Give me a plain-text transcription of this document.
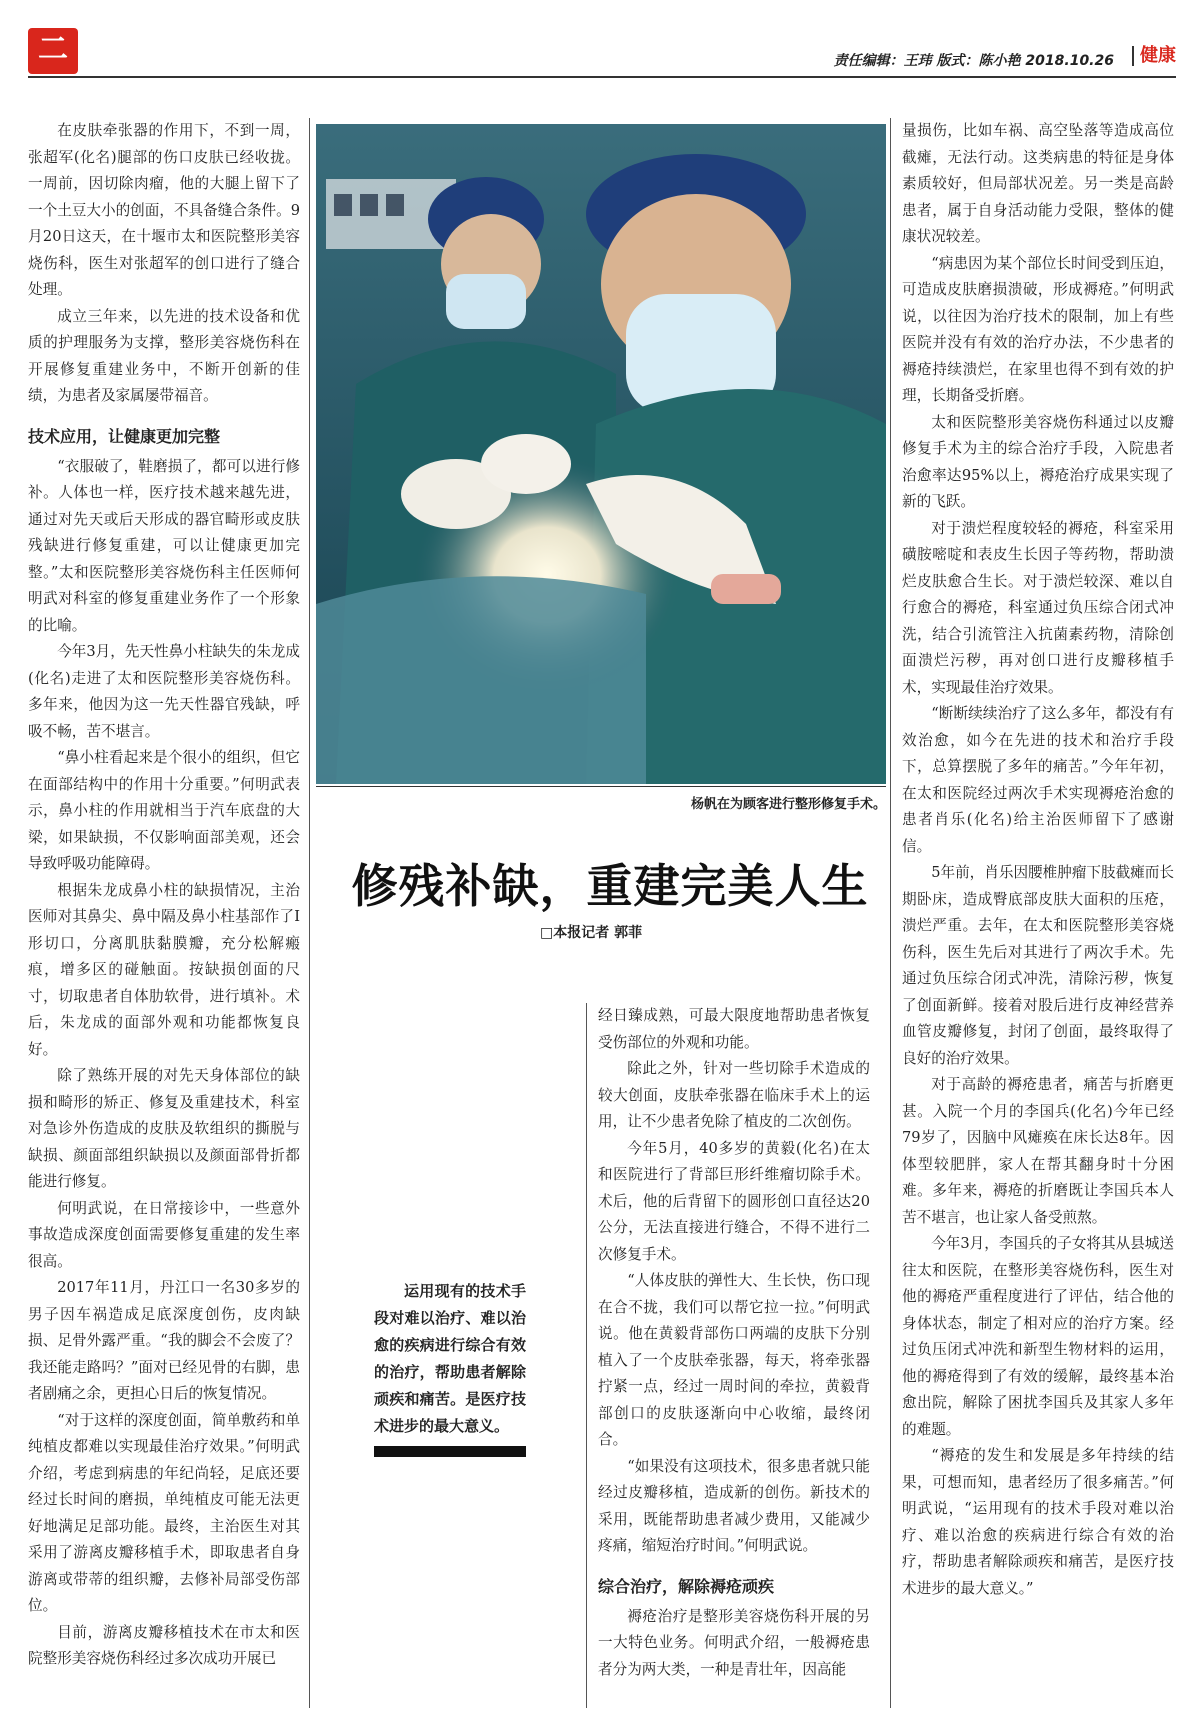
二	责任编辑：王玮 版式：陈小艳 2018.10.26	健康

在皮肤牵张器的作用下，不到一周，张超军(化名)腿部的伤口皮肤已经收拢。一周前，因切除肉瘤，他的大腿上留下了一个土豆大小的创面，不具备缝合条件。9月20日这天，在十堰市太和医院整形美容烧伤科，医生对张超军的创口进行了缝合处理。

成立三年来，以先进的技术设备和优质的护理服务为支撑，整形美容烧伤科在开展修复重建业务中，不断开创新的佳绩，为患者及家属屡带福音。

技术应用，让健康更加完整

“衣服破了，鞋磨损了，都可以进行修补。人体也一样，医疗技术越来越先进，通过对先天或后天形成的器官畸形或皮肤残缺进行修复重建，可以让健康更加完整。”太和医院整形美容烧伤科主任医师何明武对科室的修复重建业务作了一个形象的比喻。

今年3月，先天性鼻小柱缺失的朱龙成(化名)走进了太和医院整形美容烧伤科。多年来，他因为这一先天性器官残缺，呼吸不畅，苦不堪言。

“鼻小柱看起来是个很小的组织，但它在面部结构中的作用十分重要。”何明武表示，鼻小柱的作用就相当于汽车底盘的大梁，如果缺损，不仅影响面部美观，还会导致呼吸功能障碍。

根据朱龙成鼻小柱的缺损情况，主治医师对其鼻尖、鼻中隔及鼻小柱基部作了I形切口，分离肌肤黏膜瓣，充分松解瘢痕，增多区的碰触面。按缺损创面的尺寸，切取患者自体肋软骨，进行填补。术后，朱龙成的面部外观和功能都恢复良好。

除了熟练开展的对先天身体部位的缺损和畸形的矫正、修复及重建技术，科室对急诊外伤造成的皮肤及软组织的撕脱与缺损、颜面部组织缺损以及颜面部骨折都能进行修复。

何明武说，在日常接诊中，一些意外事故造成深度创面需要修复重建的发生率很高。

2017年11月，丹江口一名30多岁的男子因车祸造成足底深度创伤，皮肉缺损、足骨外露严重。“我的脚会不会废了？我还能走路吗？”面对已经见骨的右脚，患者剧痛之余，更担心日后的恢复情况。

“对于这样的深度创面，简单敷药和单纯植皮都难以实现最佳治疗效果。”何明武介绍，考虑到病患的年纪尚轻，足底还要经过长时间的磨损，单纯植皮可能无法更好地满足足部功能。最终，主治医生对其采用了游离皮瓣移植手术，即取患者自身游离或带蒂的组织瓣，去修补局部受伤部位。

目前，游离皮瓣移植技术在市太和医院整形美容烧伤科经过多次成功开展已

杨帆在为顾客进行整形修复手术。
修残补缺，重建完美人生
□本报记者 郭菲
运用现有的技术手段对难以治疗、难以治愈的疾病进行综合有效的治疗，帮助患者解除顽疾和痛苦。是医疗技术进步的最大意义。

经日臻成熟，可最大限度地帮助患者恢复受伤部位的外观和功能。

除此之外，针对一些切除手术造成的较大创面，皮肤牵张器在临床手术上的运用，让不少患者免除了植皮的二次创伤。

今年5月，40多岁的黄毅(化名)在太和医院进行了背部巨形纤维瘤切除手术。术后，他的后背留下的圆形创口直径达20公分，无法直接进行缝合，不得不进行二次修复手术。

“人体皮肤的弹性大、生长快，伤口现在合不拢，我们可以帮它拉一拉。”何明武说。他在黄毅背部伤口两端的皮肤下分别植入了一个皮肤牵张器，每天，将牵张器拧紧一点，经过一周时间的牵拉，黄毅背部创口的皮肤逐渐向中心收缩，最终闭合。

“如果没有这项技术，很多患者就只能经过皮瓣移植，造成新的创伤。新技术的采用，既能帮助患者减少费用，又能减少疼痛，缩短治疗时间。”何明武说。

综合治疗，解除褥疮顽疾

褥疮治疗是整形美容烧伤科开展的另一大特色业务。何明武介绍，一般褥疮患者分为两大类，一种是青壮年，因高能

量损伤，比如车祸、高空坠落等造成高位截瘫，无法行动。这类病患的特征是身体素质较好，但局部状况差。另一类是高龄患者，属于自身活动能力受限，整体的健康状况较差。

“病患因为某个部位长时间受到压迫，可造成皮肤磨损溃破，形成褥疮。”何明武说，以往因为治疗技术的限制，加上有些医院并没有有效的治疗办法，不少患者的褥疮持续溃烂，在家里也得不到有效的护理，长期备受折磨。

太和医院整形美容烧伤科通过以皮瓣修复手术为主的综合治疗手段，入院患者治愈率达95%以上，褥疮治疗成果实现了新的飞跃。

对于溃烂程度较轻的褥疮，科室采用磺胺嘧啶和表皮生长因子等药物，帮助溃烂皮肤愈合生长。对于溃烂较深、难以自行愈合的褥疮，科室通过负压综合闭式冲洗，结合引流管注入抗菌素药物，清除创面溃烂污秽，再对创口进行皮瓣移植手术，实现最佳治疗效果。

“断断续续治疗了这么多年，都没有有效治愈，如今在先进的技术和治疗手段下，总算摆脱了多年的痛苦。”今年年初，在太和医院经过两次手术实现褥疮治愈的患者肖乐(化名)给主治医师留下了感谢信。

5年前，肖乐因腰椎肿瘤下肢截瘫而长期卧床，造成臀底部皮肤大面积的压疮，溃烂严重。去年，在太和医院整形美容烧伤科，医生先后对其进行了两次手术。先通过负压综合闭式冲洗，清除污秽，恢复了创面新鲜。接着对股后进行皮神经营养血管皮瓣修复，封闭了创面，最终取得了良好的治疗效果。

对于高龄的褥疮患者，痛苦与折磨更甚。入院一个月的李国兵(化名)今年已经79岁了，因脑中风瘫痪在床长达8年。因体型较肥胖，家人在帮其翻身时十分困难。多年来，褥疮的折磨既让李国兵本人苦不堪言，也让家人备受煎熬。

今年3月，李国兵的子女将其从县城送往太和医院，在整形美容烧伤科，医生对他的褥疮严重程度进行了评估，结合他的身体状态，制定了相对应的治疗方案。经过负压闭式冲洗和新型生物材料的运用，他的褥疮得到了有效的缓解，最终基本治愈出院，解除了困扰李国兵及其家人多年的难题。

“褥疮的发生和发展是多年持续的结果，可想而知，患者经历了很多痛苦。”何明武说，“运用现有的技术手段对难以治疗、难以治愈的疾病进行综合有效的治疗，帮助患者解除顽疾和痛苦，是医疗技术进步的最大意义。”
